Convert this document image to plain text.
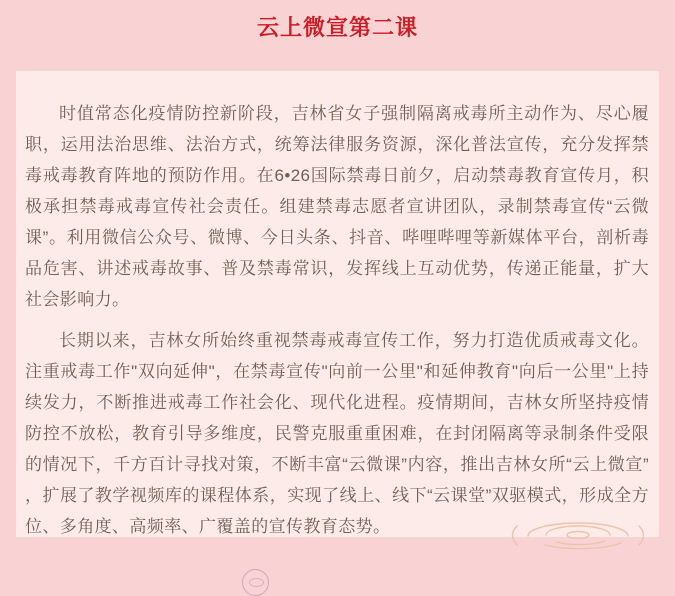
云上微宣第二课

时值常态化疫情防控新阶段，吉林省女子强制隔离戒毒所主动作为、尽心履职，运用法治思维、法治方式，统筹法律服务资源，深化普法宣传，充分发挥禁毒戒毒教育阵地的预防作用。在6•26国际禁毒日前夕，启动禁毒教育宣传月，积极承担禁毒戒毒宣传社会责任。组建禁毒志愿者宣讲团队，录制禁毒宣传“云微课”。利用微信公众号、微博、今日头条、抖音、哔哩哔哩等新媒体平台，剖析毒品危害、讲述戒毒故事、普及禁毒常识，发挥线上互动优势，传递正能量，扩大社会影响力。

长期以来，吉林女所始终重视禁毒戒毒宣传工作，努力打造优质戒毒文化。注重戒毒工作"双向延伸"，在禁毒宣传"向前一公里"和延伸教育"向后一公里"上持续发力，不断推进戒毒工作社会化、现代化进程。疫情期间，吉林女所坚持疫情防控不放松，教育引导多维度，民警克服重重困难，在封闭隔离等录制条件受限的情况下，千方百计寻找对策，不断丰富“云微课”内容，推出吉林女所“云上微宣” ，扩展了教学视频库的课程体系，实现了线上、线下“云课堂”双驱模式，形成全方位、多角度、高频率、广覆盖的宣传教育态势。
